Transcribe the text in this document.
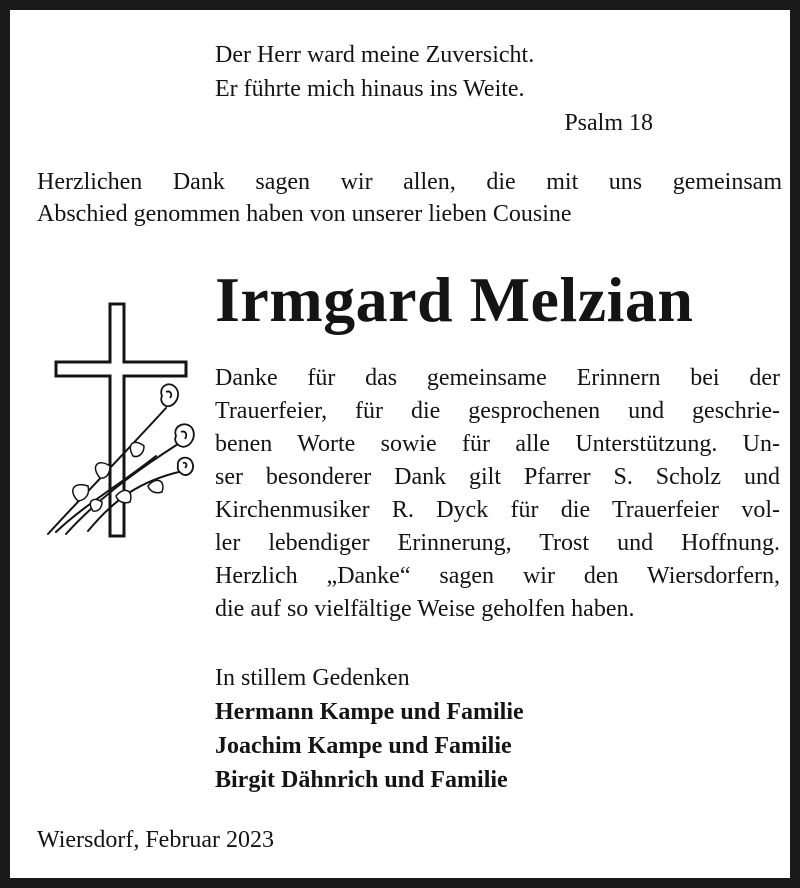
Der Herr ward meine Zuversicht.
Er führte mich hinaus ins Weite.
Psalm 18
Herzlichen Dank sagen wir allen, die mit uns gemeinsam
Abschied genommen haben von unserer lieben Cousine
Irmgard Melzian
Danke für das gemeinsame Erinnern bei der
Trauerfeier, für die gesprochenen und geschrie-
benen Worte sowie für alle Unterstützung. Un-
ser besonderer Dank gilt Pfarrer S. Scholz und
Kirchenmusiker R. Dyck für die Trauerfeier vol-
ler lebendiger Erinnerung, Trost und Hoffnung.
Herzlich „Danke“ sagen wir den Wiersdorfern,
die auf so vielfältige Weise geholfen haben.
In stillem Gedenken
Hermann Kampe und Familie
Joachim Kampe und Familie
Birgit Dähnrich und Familie
Wiersdorf, Februar 2023
